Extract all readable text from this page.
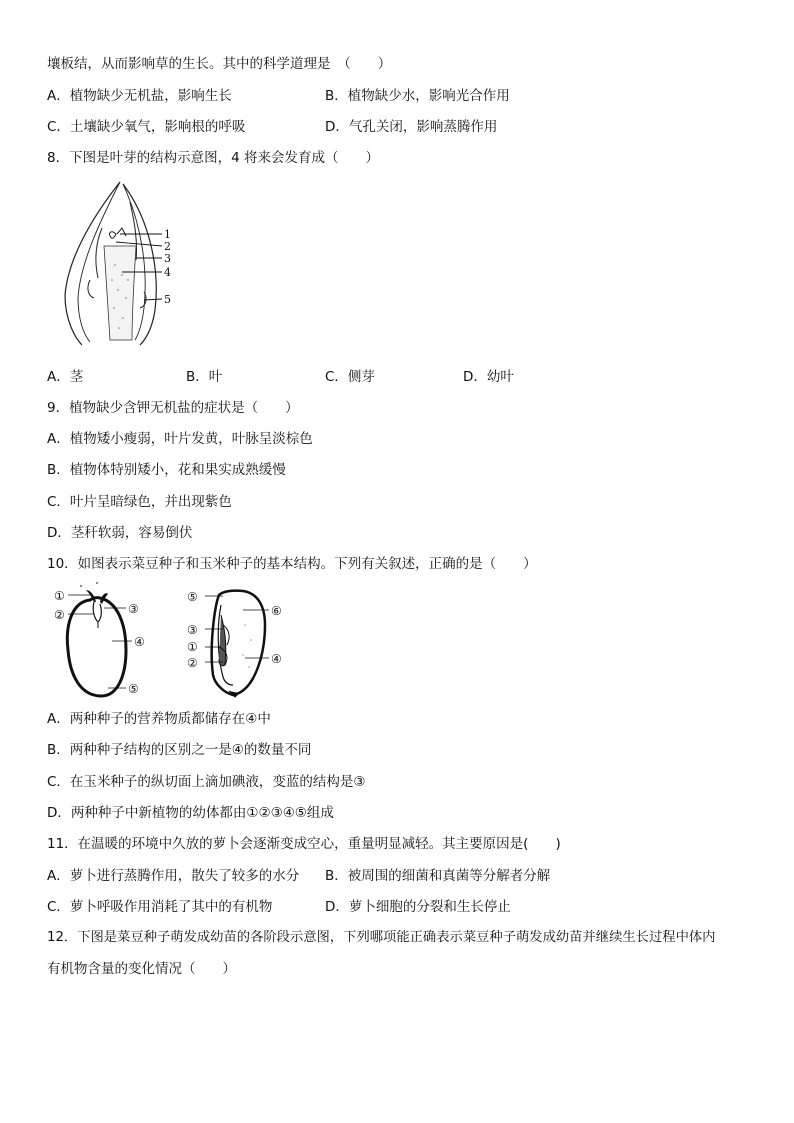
壤板结，从而影响草的生长。其中的科学道理是　（　　）
A．植物缺少无机盐，影响生长	B．植物缺少水，影响光合作用
C．土壤缺少氧气，影响根的呼吸	D．气孔关闭，影响蒸腾作用
8．下图是叶芽的结构示意图，4 将来会发育成（　　）
1
2
3
4
5
A．茎	B．叶	C．侧芽	D．幼叶
9．植物缺少含钾无机盐的症状是（　　）
A．植物矮小瘦弱，叶片发黄，叶脉呈淡棕色
B．植物体特别矮小，花和果实成熟缓慢
C．叶片呈暗绿色，并出现紫色
D．茎秆软弱，容易倒伏
10．如图表示菜豆种子和玉米种子的基本结构。下列有关叙述，正确的是（　　）
①
②	③
④
⑤
⑤
③
①
②
⑥
④
A．两种种子的营养物质都储存在④中
B．两种种子结构的区别之一是④的数量不同
C．在玉米种子的纵切面上滴加碘液，变蓝的结构是③
D．两种种子中新植物的幼体都由①②③④⑤组成
11．在温暖的环境中久放的萝卜会逐渐变成空心，重量明显减轻。其主要原因是(　　)
A．萝卜进行蒸腾作用，散失了较多的水分 B．被周围的细菌和真菌等分解者分解
C．萝卜呼吸作用消耗了其中的有机物	D．萝卜细胞的分裂和生长停止
12．下图是菜豆种子萌发成幼苗的各阶段示意图，下列哪项能正确表示菜豆种子萌发成幼苗并继续生长过程中体内
有机物含量的变化情况（　　）
